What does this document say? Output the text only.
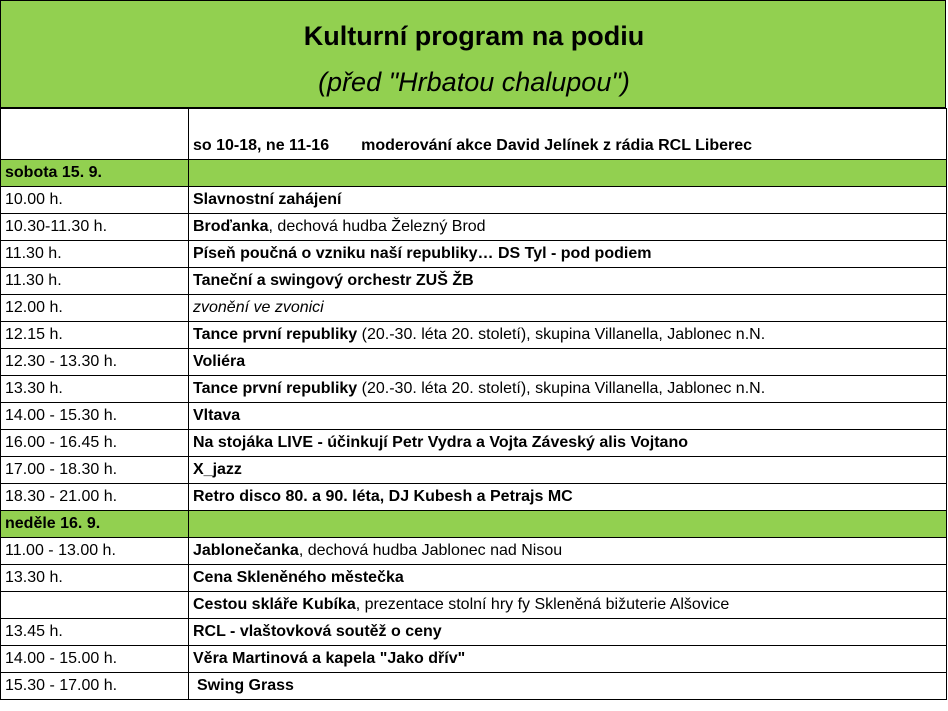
Kulturní program na podiu
(před "Hrbatou chalupou")
	so 10-18, ne 11-16 moderování akce David Jelínek z rádia RCL Liberec
sobota 15. 9.	
10.00 h.	Slavnostní zahájení
10.30-11.30 h.	Broďanka, dechová hudba Železný Brod
11.30 h.	Píseň poučná o vzniku naší republiky… DS Tyl - pod podiem
11.30 h.	Taneční a swingový orchestr ZUŠ ŽB
12.00 h.	zvonění ve zvonici
12.15 h.	Tance první republiky (20.-30. léta 20. století), skupina Villanella, Jablonec n.N.
12.30 - 13.30 h.	Voliéra
13.30 h.	Tance první republiky (20.-30. léta 20. století), skupina Villanella, Jablonec n.N.
14.00 - 15.30 h.	Vltava
16.00 - 16.45 h.	Na stojáka LIVE - účinkují Petr Vydra a Vojta Záveský alis Vojtano
17.00 - 18.30 h.	X_jazz
18.30 - 21.00 h.	Retro disco 80. a 90. léta, DJ Kubesh a Petrajs MC
neděle 16. 9.	
11.00 - 13.00 h.	Jablonečanka, dechová hudba Jablonec nad Nisou
13.30 h.	Cena Skleněného městečka
	Cestou skláře Kubíka, prezentace stolní hry fy Skleněná bižuterie Alšovice
13.45 h.	RCL - vlaštovková soutěž o ceny
14.00 - 15.00 h.	Věra Martinová a kapela "Jako dřív"
15.30 - 17.00 h.	Swing Grass
